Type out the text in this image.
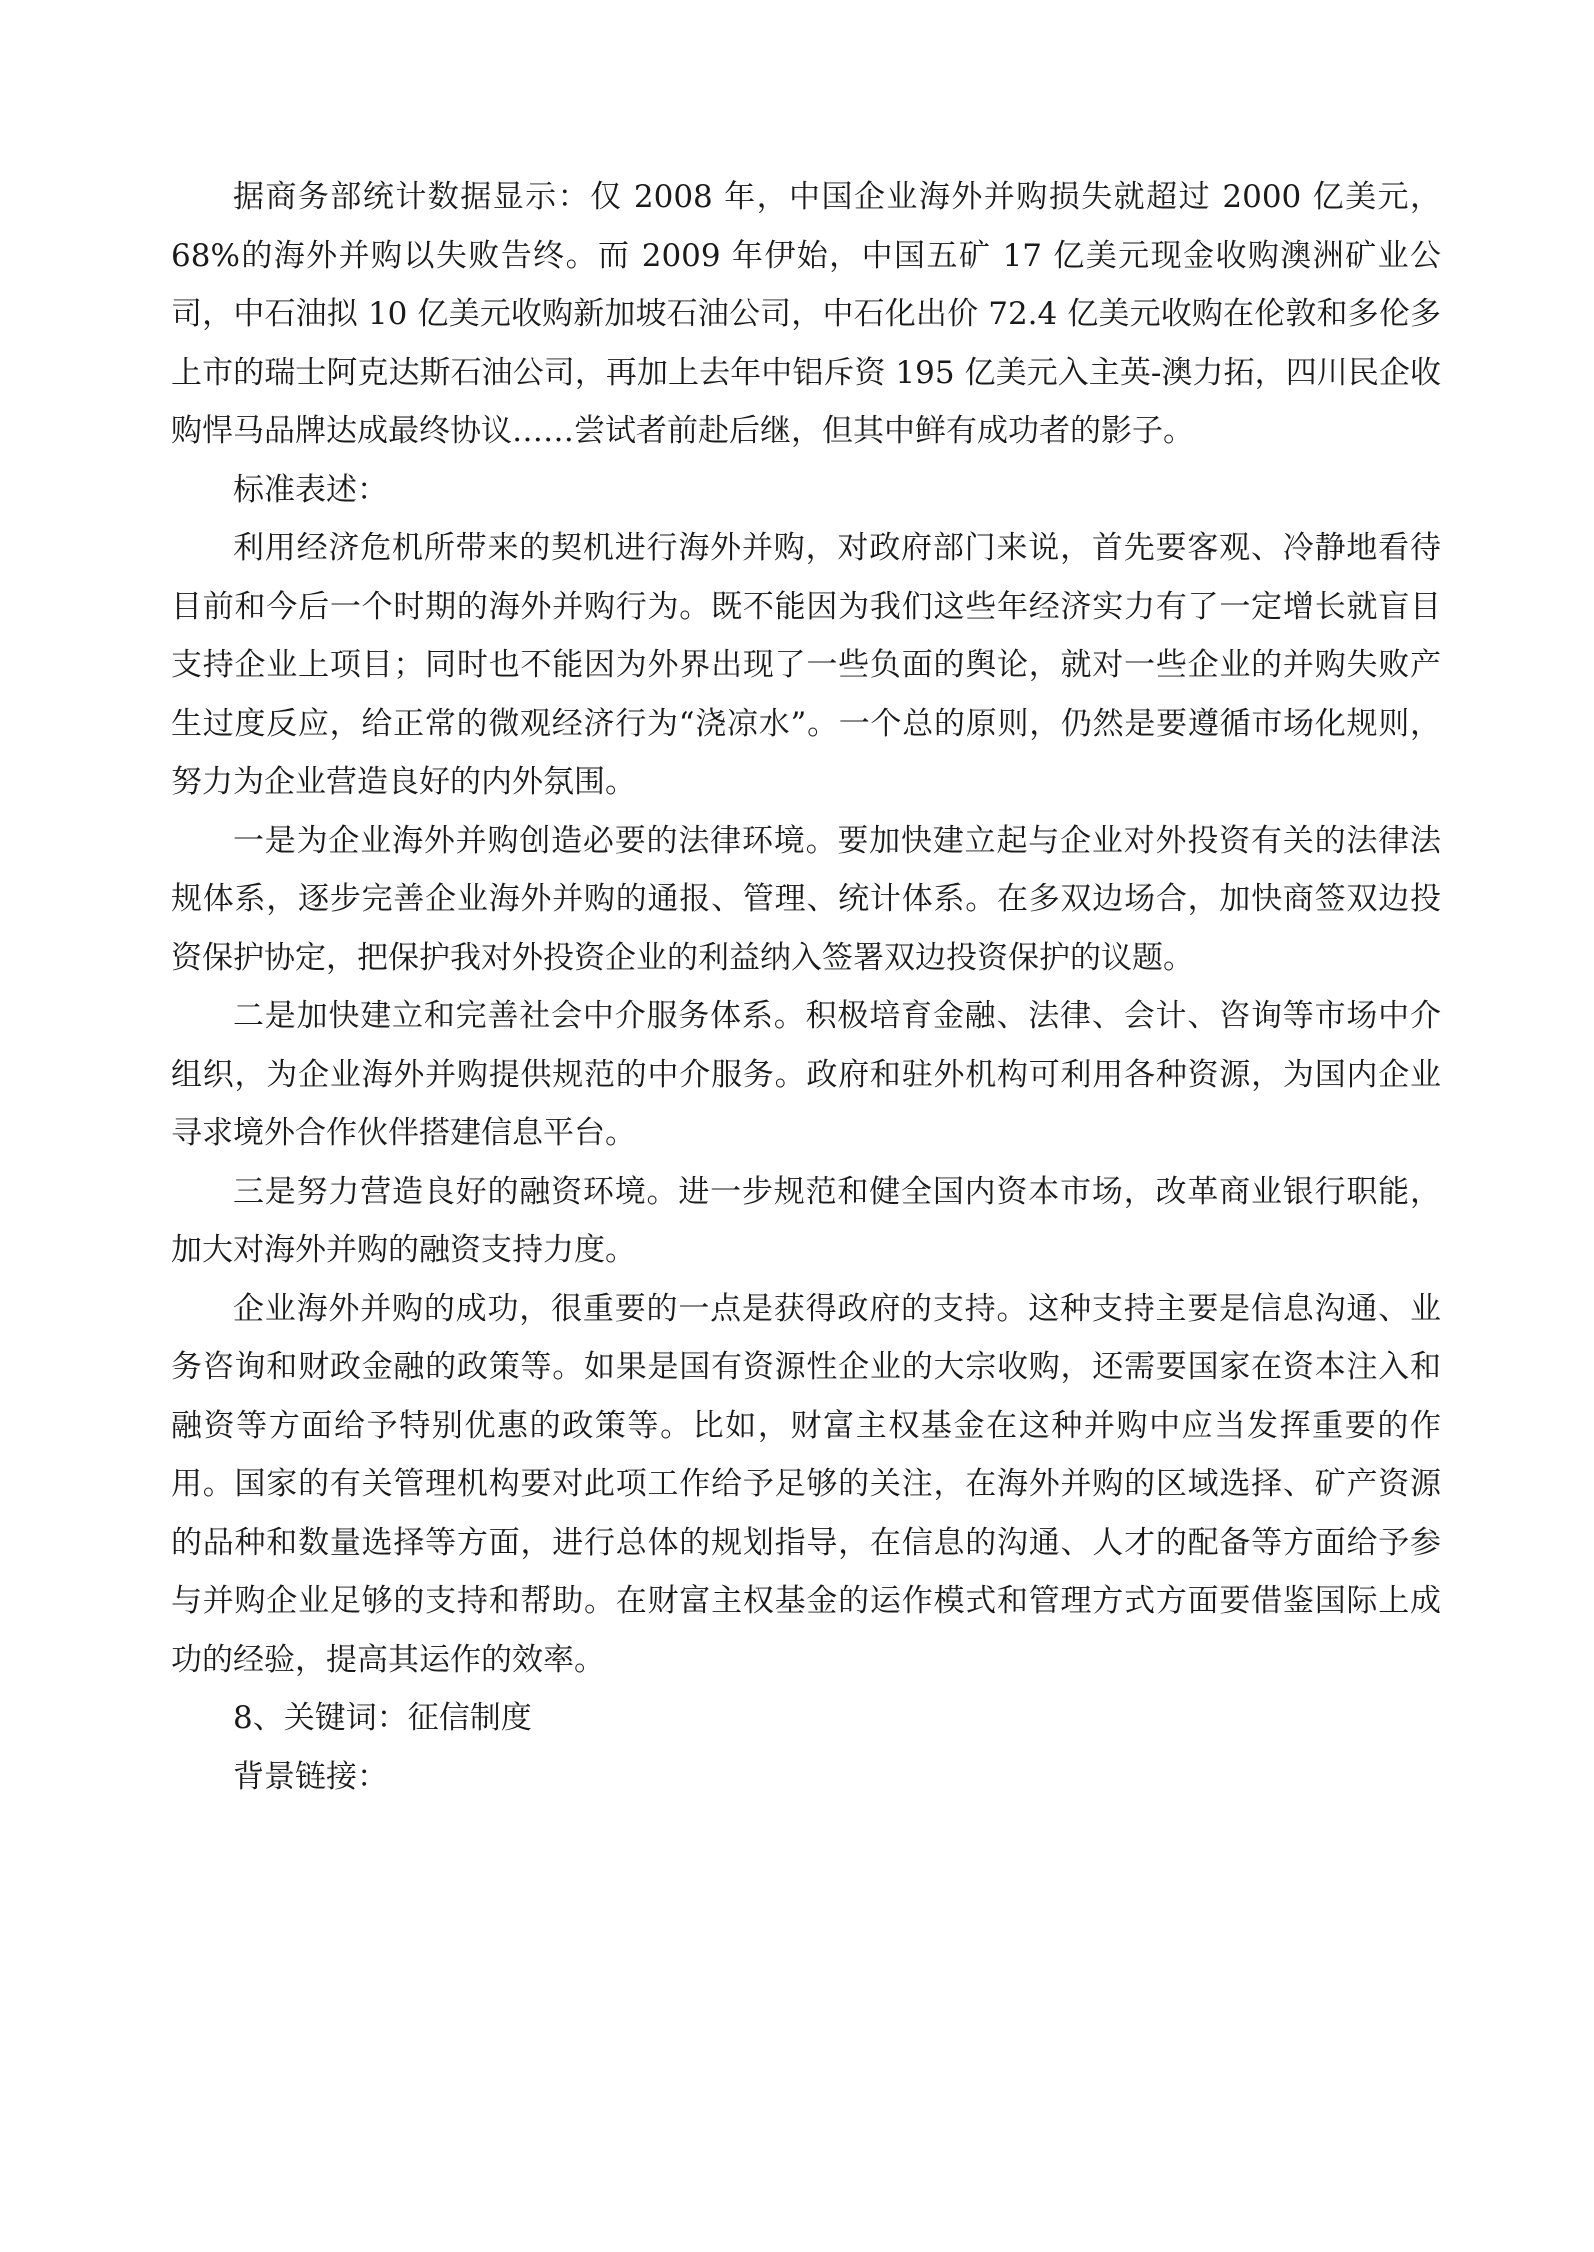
据商务部统计数据显示：仅 2008 年，中国企业海外并购损失就超过 2000 亿美元，68%的海外并购以失败告终。而 2009 年伊始，中国五矿 17 亿美元现金收购澳洲矿业公司，中石油拟 10 亿美元收购新加坡石油公司，中石化出价 72.4 亿美元收购在伦敦和多伦多上市的瑞士阿克达斯石油公司，再加上去年中铝斥资 195 亿美元入主英-澳力拓，四川民企收购悍马品牌达成最终协议……尝试者前赴后继，但其中鲜有成功者的影子。

标准表述：

利用经济危机所带来的契机进行海外并购，对政府部门来说，首先要客观、冷静地看待目前和今后一个时期的海外并购行为。既不能因为我们这些年经济实力有了一定增长就盲目支持企业上项目；同时也不能因为外界出现了一些负面的舆论，就对一些企业的并购失败产生过度反应，给正常的微观经济行为“浇凉水”。一个总的原则，仍然是要遵循市场化规则，努力为企业营造良好的内外氛围。

一是为企业海外并购创造必要的法律环境。要加快建立起与企业对外投资有关的法律法规体系，逐步完善企业海外并购的通报、管理、统计体系。在多双边场合，加快商签双边投资保护协定，把保护我对外投资企业的利益纳入签署双边投资保护的议题。

二是加快建立和完善社会中介服务体系。积极培育金融、法律、会计、咨询等市场中介组织，为企业海外并购提供规范的中介服务。政府和驻外机构可利用各种资源，为国内企业寻求境外合作伙伴搭建信息平台。

三是努力营造良好的融资环境。进一步规范和健全国内资本市场，改革商业银行职能，加大对海外并购的融资支持力度。

企业海外并购的成功，很重要的一点是获得政府的支持。这种支持主要是信息沟通、业务咨询和财政金融的政策等。如果是国有资源性企业的大宗收购，还需要国家在资本注入和融资等方面给予特别优惠的政策等。比如，财富主权基金在这种并购中应当发挥重要的作用。国家的有关管理机构要对此项工作给予足够的关注，在海外并购的区域选择、矿产资源的品种和数量选择等方面，进行总体的规划指导，在信息的沟通、人才的配备等方面给予参与并购企业足够的支持和帮助。在财富主权基金的运作模式和管理方式方面要借鉴国际上成功的经验，提高其运作的效率。

8、关键词：征信制度

背景链接：
